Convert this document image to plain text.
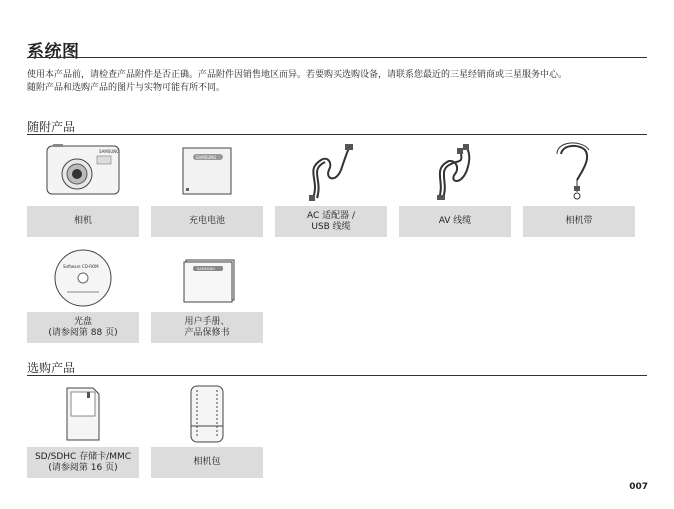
系统图
使用本产品前，请检查产品附件是否正确。产品附件因销售地区而异。若要购买选购设备，请联系您最近的三星经销商或三星服务中心。
随附产品和选购产品的图片与实物可能有所不同。
随附产品
SAMSUNG
SAMSUNG
相机	充电电池
AC 适配器 /
USB 线缆
AV 线缆	相机带
Software CD-ROM	SAMSUNG
光盘
(请参阅第 88 页)
用户手册、
产品保修书
选购产品
SD/SDHC 存储卡/MMC
(请参阅第 16 页)
相机包
007
